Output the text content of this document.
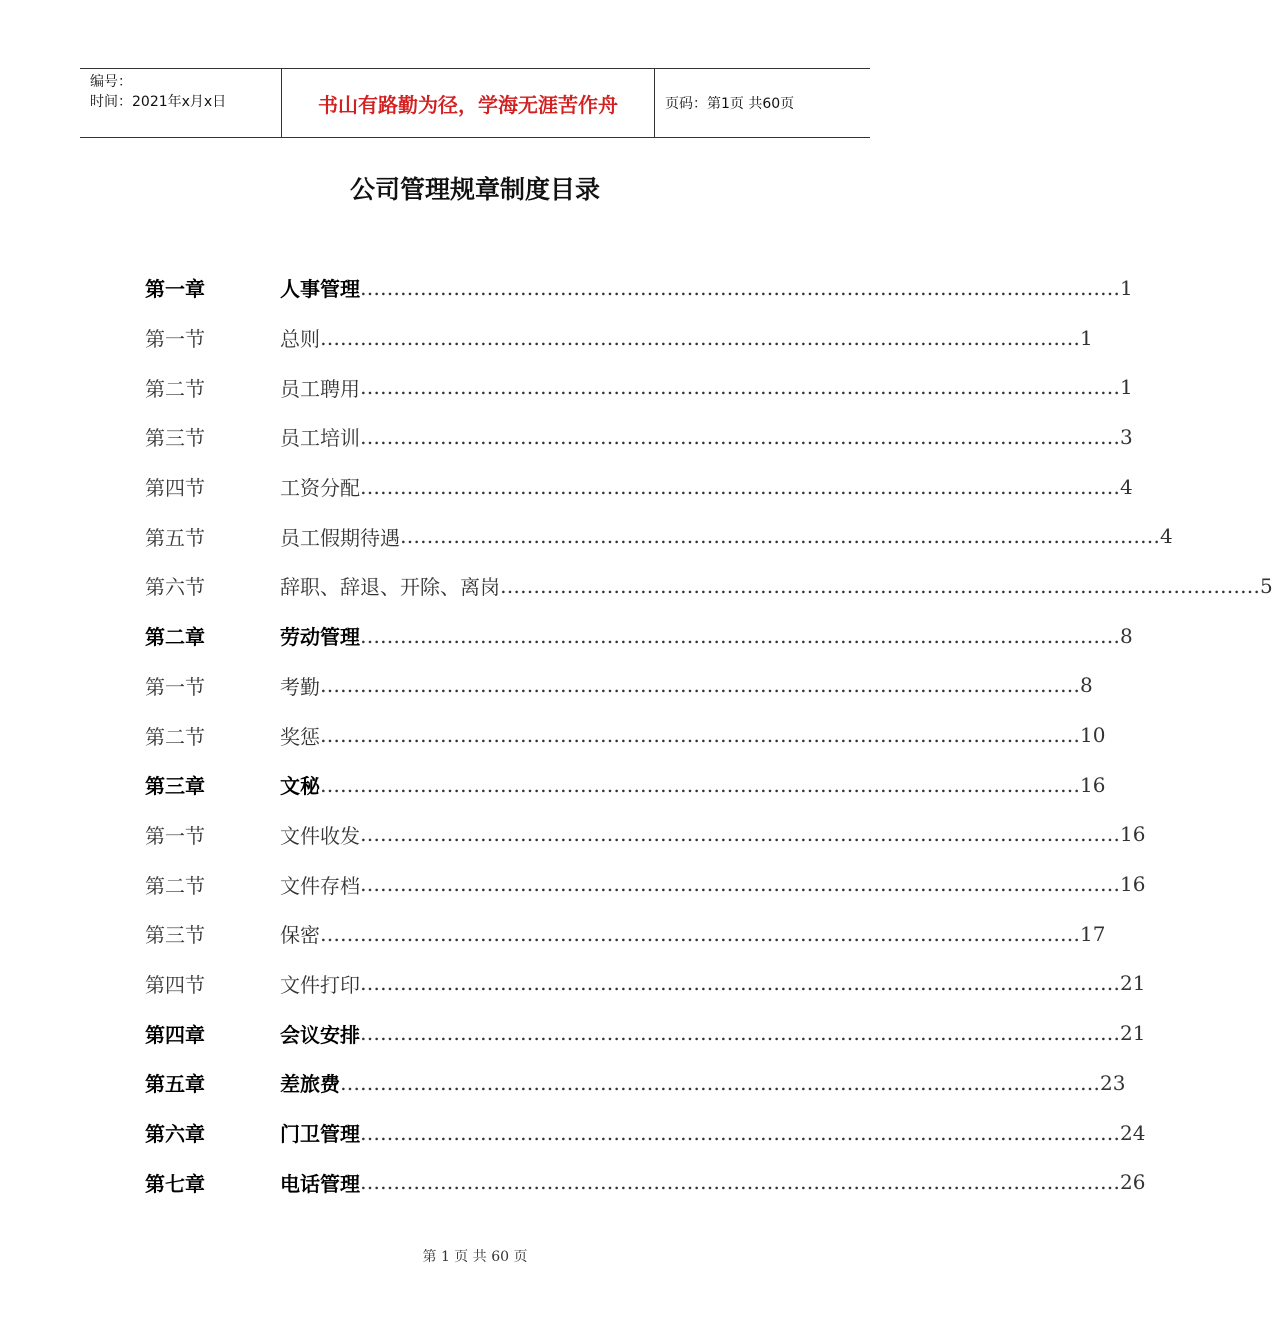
编号：
时间：2021年x月x日	书山有路勤为径，学海无涯苦作舟	页码：第1页 共60页
公司管理规章制度目录
第一章	人事管理 …………………………………………………………………………………………………… 1
第一节	总则 …………………………………………………………………………………………………… 1
第二节	员工聘用 …………………………………………………………………………………………………… 1
第三节	员工培训 …………………………………………………………………………………………………… 3
第四节	工资分配 …………………………………………………………………………………………………… 4
第五节	员工假期待遇 …………………………………………………………………………………………………… 4
第六节	辞职、辞退、开除、离岗 …………………………………………………………………………………………………… 5
第二章	劳动管理 …………………………………………………………………………………………………… 8
第一节	考勤 …………………………………………………………………………………………………… 8
第二节	奖惩 …………………………………………………………………………………………………… 10
第三章	文秘 …………………………………………………………………………………………………… 16
第一节	文件收发 …………………………………………………………………………………………………… 16
第二节	文件存档 …………………………………………………………………………………………………… 16
第三节	保密 …………………………………………………………………………………………………… 17
第四节	文件打印 …………………………………………………………………………………………………… 21
第四章	会议安排 …………………………………………………………………………………………………… 21
第五章	差旅费 …………………………………………………………………………………………………… 23
第六章	门卫管理 …………………………………………………………………………………………………… 24
第七章	电话管理 …………………………………………………………………………………………………… 26
第 1 页 共 60 页
